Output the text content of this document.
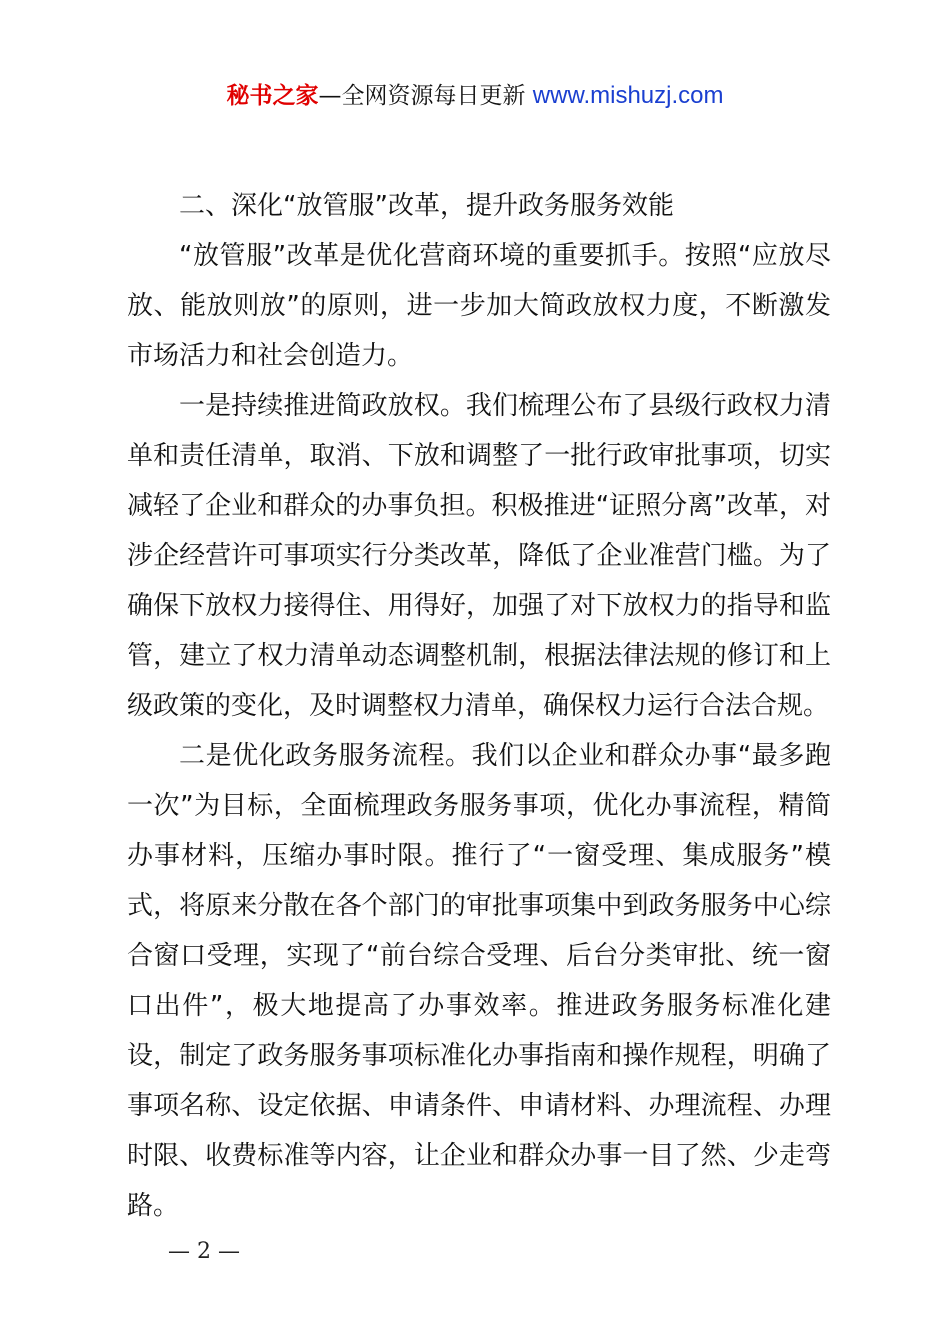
秘书之家—全网资源每日更新 www.mishuzj.com

二、深化“放管服”改革，提升政务服务效能

“放管服”改革是优化营商环境的重要抓手。按照“应放尽放、能放则放”的原则，进一步加大简政放权力度，不断激发市场活力和社会创造力。

一是持续推进简政放权。我们梳理公布了县级行政权力清单和责任清单，取消、下放和调整了一批行政审批事项，切实减轻了企业和群众的办事负担。积极推进“证照分离”改革，对涉企经营许可事项实行分类改革，降低了企业准营门槛。为了确保下放权力接得住、用得好，加强了对下放权力的指导和监管，建立了权力清单动态调整机制，根据法律法规的修订和上级政策的变化，及时调整权力清单，确保权力运行合法合规。

二是优化政务服务流程。我们以企业和群众办事“最多跑一次”为目标，全面梳理政务服务事项，优化办事流程，精简办事材料，压缩办事时限。推行了“一窗受理、集成服务”模式，将原来分散在各个部门的审批事项集中到政务服务中心综合窗口受理，实现了“前台综合受理、后台分类审批、统一窗口出件”，极大地提高了办事效率。推进政务服务标准化建设，制定了政务服务事项标准化办事指南和操作规程，明确了事项名称、设定依据、申请条件、申请材料、办理流程、办理时限、收费标准等内容，让企业和群众办事一目了然、少走弯路。

— 2 —
